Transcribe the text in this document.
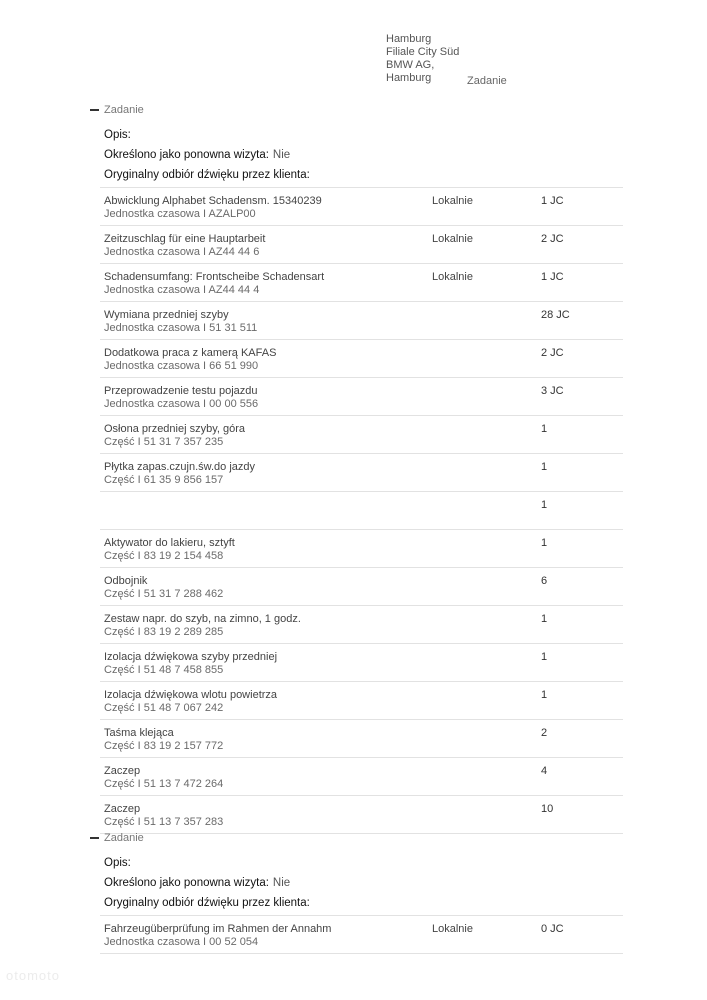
Hamburg
Filiale City Süd
BMW AG,
Hamburg	Zadanie
Zadanie
Opis:
Określono jako ponowna wizyta: Nie
Oryginalny odbiór dźwięku przez klienta:
Abwicklung Alphabet Schadensm. 15340239
Jednostka czasowa I AZALP00
Lokalnie	1 JC
Zeitzuschlag für eine Hauptarbeit
Jednostka czasowa I AZ44 44 6
Lokalnie	2 JC
Schadensumfang: Frontscheibe Schadensart
Jednostka czasowa I AZ44 44 4
Lokalnie	1 JC
Wymiana przedniej szyby
Jednostka czasowa I 51 31 511
28 JC
Dodatkowa praca z kamerą KAFAS
Jednostka czasowa I 66 51 990
2 JC
Przeprowadzenie testu pojazdu
Jednostka czasowa I 00 00 556
3 JC
Osłona przedniej szyby, góra
Część I 51 31 7 357 235
1
Płytka zapas.czujn.św.do jazdy
Część I 61 35 9 856 157
1
1
Aktywator do lakieru, sztyft
Część I 83 19 2 154 458
1
Odbojnik
Część I 51 31 7 288 462
6
Zestaw napr. do szyb, na zimno, 1 godz.
Część I 83 19 2 289 285
1
Izolacja dźwiękowa szyby przedniej
Część I 51 48 7 458 855
1
Izolacja dźwiękowa wlotu powietrza
Część I 51 48 7 067 242
1
Taśma klejąca
Część I 83 19 2 157 772
2
Zaczep
Część I 51 13 7 472 264
4
Zaczep
Część I 51 13 7 357 283
10
Zadanie
Opis:
Określono jako ponowna wizyta: Nie
Oryginalny odbiór dźwięku przez klienta:
Fahrzeugüberprüfung im Rahmen der Annahm
Jednostka czasowa I 00 52 054
Lokalnie	0 JC
otomoto
